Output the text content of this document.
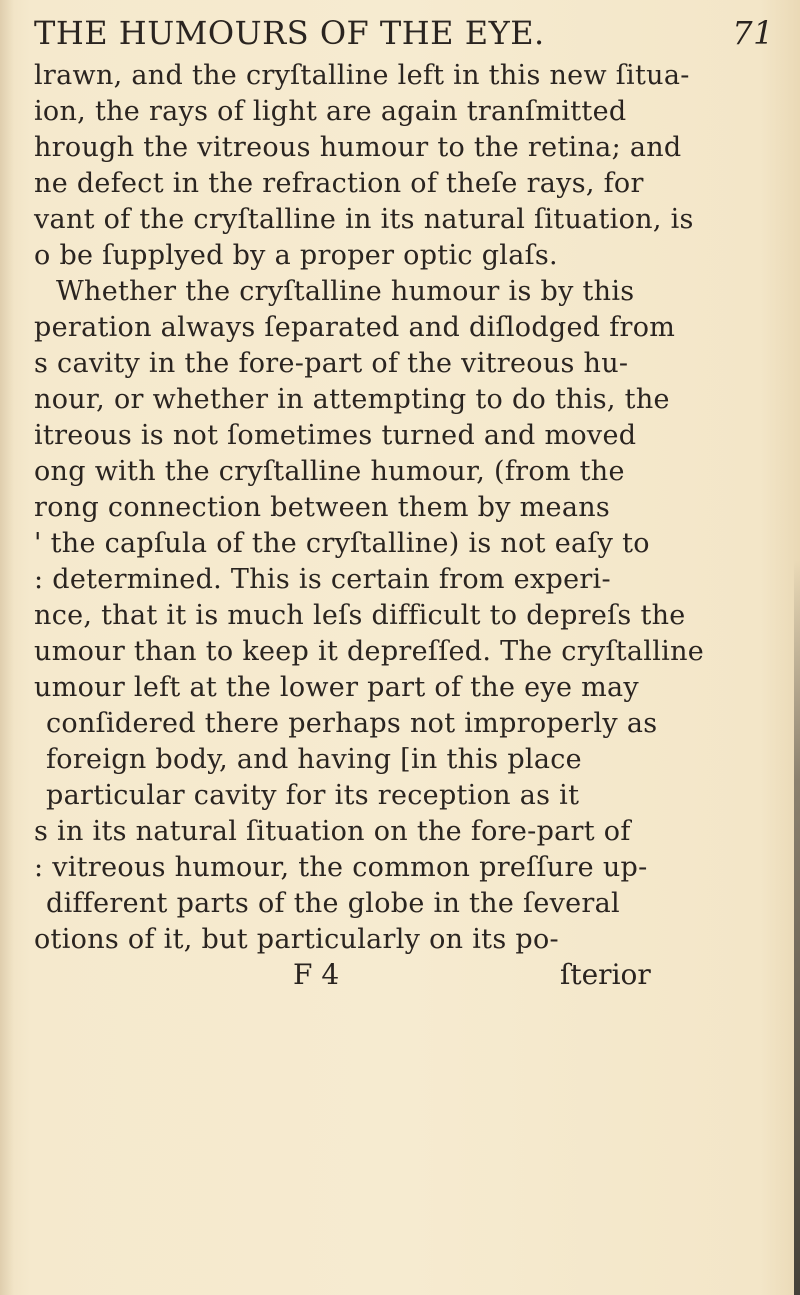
THE HUMOURS OF THE EYE.	71
lrawn, and the cryſtalline left in this new ſitua-
ion, the rays of light are again tranſmitted
hrough the vitreous humour to the retina; and
ne defect in the refraction of theſe rays, for
vant of the cryſtalline in its natural ſituation, is
o be ſupplyed by a proper optic glaſs.
Whether the cryſtalline humour is by this
peration always ſeparated and diſlodged from
s cavity in the fore-part of the vitreous hu-
nour, or whether in attempting to do this, the
itreous is not ſometimes turned and moved
ong with the cryſtalline humour, (from the
rong connection between them by means
' the capſula of the cryſtalline) is not eaſy to
: determined. This is certain from experi-
nce, that it is much leſs difficult to depreſs the
umour than to keep it depreſſed. The cryſtalline
umour left at the lower part of the eye may
conſidered there perhaps not improperly as
foreign body, and having [in this place
particular cavity for its reception as it
s in its natural ſituation on the fore-part of
: vitreous humour, the common preſſure up-
different parts of the globe in the ſeveral
otions of it, but particularly on its po-
F 4	ſterior
